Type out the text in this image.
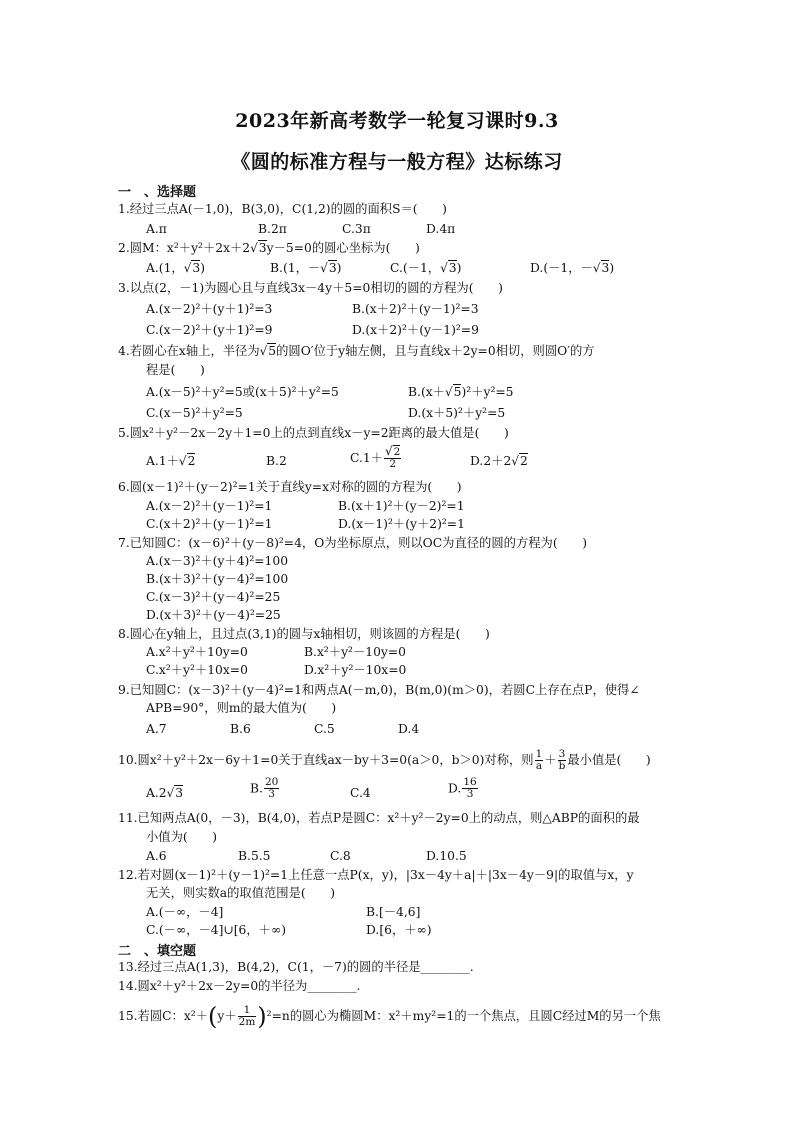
2023年新高考数学一轮复习课时9.3
《圆的标准方程与一般方程》达标练习
一　、选择题
1.经过三点A(－1,0)，B(3,0)，C(1,2)的圆的面积S＝(　　)
A.π	B.2π	C.3π	D.4π
2.圆M：x²＋y²＋2x＋2√3y－5=0的圆心坐标为(　　)
A.(1，√3)	B.(1，－√3)	C.(－1，√3)	D.(－1，－√3)
3.以点(2，－1)为圆心且与直线3x－4y＋5=0相切的圆的方程为(　　)
A.(x－2)²＋(y＋1)²=3	B.(x＋2)²＋(y－1)²=3
C.(x－2)²＋(y＋1)²=9	D.(x＋2)²＋(y－1)²=9
4.若圆心在x轴上，半径为√5的圆O′位于y轴左侧，且与直线x＋2y=0相切，则圆O′的方
程是(　　)
A.(x－5)²＋y²=5或(x＋5)²＋y²=5	B.(x＋√5)²＋y²=5
C.(x－5)²＋y²=5	D.(x＋5)²＋y²=5
5.圆x²＋y²－2x－2y＋1=0上的点到直线x－y=2距离的最大值是(　　)
A.1＋√2	B.2	$C.1+ \frac{√2}{2}$	D.2＋2√2
6.圆(x－1)²＋(y－2)²=1关于直线y=x对称的圆的方程为(　　)
A.(x－2)²＋(y－1)²=1	B.(x＋1)²＋(y－2)²=1
C.(x＋2)²＋(y－1)²=1	D.(x－1)²＋(y＋2)²=1
7.已知圆C：(x－6)²＋(y－8)²=4，O为坐标原点，则以OC为直径的圆的方程为(　　)
A.(x－3)²＋(y＋4)²=100
B.(x＋3)²＋(y－4)²=100
C.(x－3)²＋(y－4)²=25
D.(x＋3)²＋(y－4)²=25
8.圆心在y轴上，且过点(3,1)的圆与x轴相切，则该圆的方程是(　　)
A.x²＋y²＋10y=0	B.x²＋y²－10y=0
C.x²＋y²＋10x=0	D.x²＋y²－10x=0
9.已知圆C：(x－3)²＋(y－4)²=1和两点A(－m,0)，B(m,0)(m＞0)，若圆C上存在点P，使得∠
APB=90°，则m的最大值为(　　)
A.7	B.6	C.5	D.4
10.圆x²＋y²＋2x－6y＋1=0关于直线ax－by＋3=0(a＞0，b＞0)对称，则 $\frac{1}{a} + \frac{3}{b}$ 最小值是(　　)
A.2√3	B. $\frac{20}{3}$	C.4	D. $\frac{16}{3}$
11.已知两点A(0，－3)，B(4,0)，若点P是圆C：x²＋y²－2y=0上的动点，则△ABP的面积的最
小值为(　　)
A.6	B.5.5	C.8	D.10.5
12.若对圆(x－1)²＋(y－1)²=1上任意一点P(x，y)，|3x－4y＋a|＋|3x－4y－9|的取值与x，y
无关，则实数a的取值范围是(　　)
A.(－∞，－4]	B.[－4,6]
C.(－∞，－4]∪[6，＋∞)	D.[6，＋∞)
二　、填空题
13.经过三点A(1,3)，B(4,2)，C(1，－7)的圆的半径是________.
14.圆x²＋y²＋2x－2y=0的半径为________.
15.若圆C：$x^2+(y+ \frac{1}{2m} )^2=n$的圆心为椭圆M：x²＋my²=1的一个焦点，且圆C经过M的另一个焦
